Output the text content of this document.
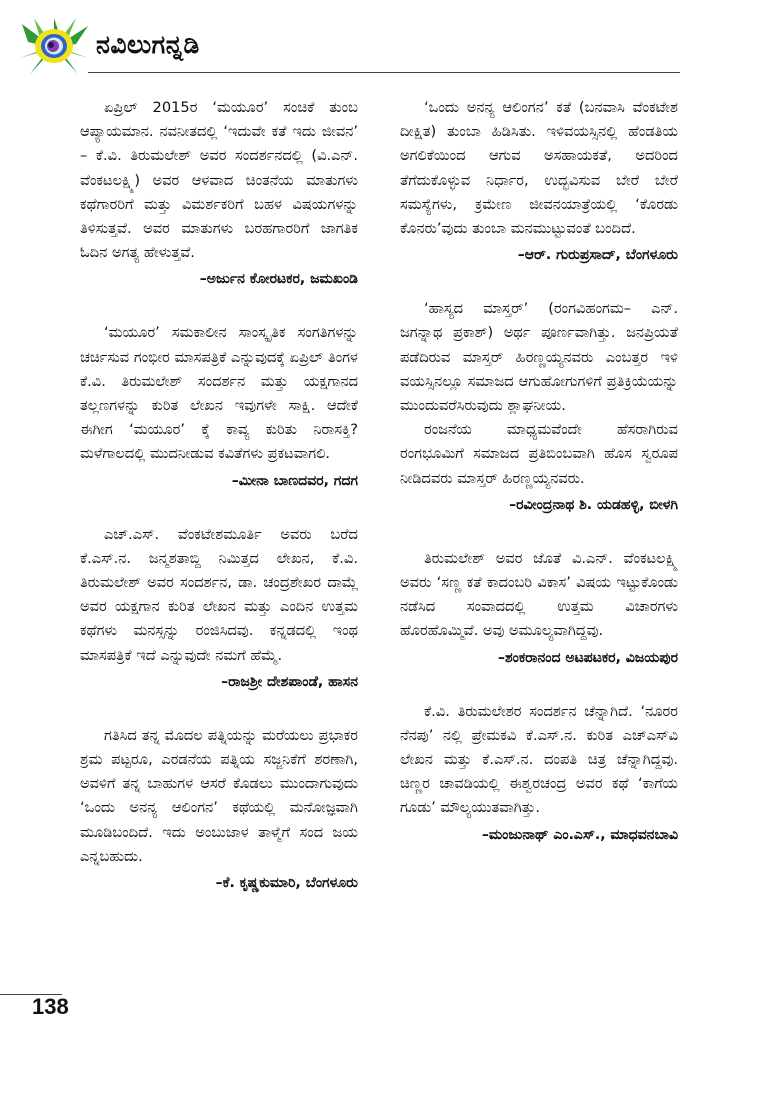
ನವಿಲುಗನ್ನಡಿ

ಏಪ್ರಿಲ್ 2015ರ ‘ಮಯೂರ’ ಸಂಚಿಕೆ ತುಂಬ ಆಪ್ಯಾಯಮಾನ. ನವನೀತದಲ್ಲಿ ‘ಇದುವೇ ಕತೆ ಇದು ಜೀವನ’ – ಕೆ.ವಿ. ತಿರುಮಲೇಶ್ ಅವರ ಸಂದರ್ಶನದಲ್ಲಿ (ವಿ.ಎನ್. ವೆಂಕಟಲಕ್ಷ್ಮಿ) ಅವರ ಆಳವಾದ ಚಿಂತನೆಯ ಮಾತುಗಳು ಕಥೆಗಾರರಿಗೆ ಮತ್ತು ವಿಮರ್ಶಕರಿಗೆ ಬಹಳ ವಿಷಯಗಳನ್ನು ತಿಳಿಸುತ್ತವೆ. ಅವರ ಮಾತುಗಳು ಬರಹಗಾರರಿಗೆ ಜಾಗತಿಕ ಓದಿನ ಅಗತ್ಯ ಹೇಳುತ್ತವೆ.

–ಅರ್ಜುನ ಕೋರಟಕರ, ಜಮಖಂಡಿ

‘ಮಯೂರ’ ಸಮಕಾಲೀನ ಸಾಂಸ್ಕೃತಿಕ ಸಂಗತಿಗಳನ್ನು ಚರ್ಚಿಸುವ ಗಂಭೀರ ಮಾಸಪತ್ರಿಕೆ ಎನ್ನುವುದಕ್ಕೆ ಏಪ್ರಿಲ್ ತಿಂಗಳ ಕೆ.ವಿ. ತಿರುಮಲೇಶ್ ಸಂದರ್ಶನ ಮತ್ತು ಯಕ್ಷಗಾನದ ತಲ್ಲಣಗಳನ್ನು ಕುರಿತ ಲೇಖನ ಇವುಗಳೇ ಸಾಕ್ಷಿ. ಆದೇಕೆ ಈಗೀಗ ‘ಮಯೂರ’ ಕ್ಕೆ ಕಾವ್ಯ ಕುರಿತು ನಿರಾಸಕ್ತಿ? ಮಳೆಗಾಲದಲ್ಲಿ ಮುದನೀಡುವ ಕವಿತೆಗಳು ಪ್ರಕಟವಾಗಲಿ.

–ಮೀನಾ ಬಾಣದವರ, ಗದಗ

ಎಚ್.ಎಸ್. ವೆಂಕಟೇಶಮೂರ್ತಿ ಅವರು ಬರೆದ ಕೆ.ಎಸ್.ನ. ಜನ್ಮಶತಾಬ್ದಿ ನಿಮಿತ್ತದ ಲೇಖನ, ಕೆ.ವಿ. ತಿರುಮಲೇಶ್ ಅವರ ಸಂದರ್ಶನ, ಡಾ. ಚಂದ್ರಶೇಖರ ದಾಮ್ಲೆ ಅವರ ಯಕ್ಷಗಾನ ಕುರಿತ ಲೇಖನ ಮತ್ತು ಎಂದಿನ ಉತ್ತಮ ಕಥೆಗಳು ಮನಸ್ಸನ್ನು ರಂಜಿಸಿದವು. ಕನ್ನಡದಲ್ಲಿ ಇಂಥ ಮಾಸಪತ್ರಿಕೆ ಇದೆ ಎನ್ನುವುದೇ ನಮಗೆ ಹೆಮ್ಮೆ.

–ರಾಜಶ್ರೀ ದೇಶಪಾಂಡೆ, ಹಾಸನ

ಗತಿಸಿದ ತನ್ನ ಮೊದಲ ಪತ್ನಿಯನ್ನು ಮರೆಯಲು ಪ್ರಭಾಕರ ಶ್ರಮ ಪಟ್ಟರೂ, ಎರಡನೆಯ ಪತ್ನಿಯ ಸಜ್ಜನಿಕೆಗೆ ಶರಣಾಗಿ, ಅವಳಿಗೆ ತನ್ನ ಬಾಹುಗಳ ಆಸರೆ ಕೊಡಲು ಮುಂದಾಗುವುದು ‘ಒಂದು ಅನನ್ಯ ಆಲಿಂಗನ’ ಕಥೆಯಲ್ಲಿ ಮನೋಜ್ಞವಾಗಿ ಮೂಡಿಬಂದಿದೆ. ಇದು ಅಂಬುಜಾಳ ತಾಳ್ಮೆಗೆ ಸಂದ ಜಯ ಎನ್ನಬಹುದು.

–ಕೆ. ಕೃಷ್ಣಕುಮಾರಿ, ಬೆಂಗಳೂರು

‘ಒಂದು ಅನನ್ಯ ಆಲಿಂಗನ’ ಕತೆ (ಬನವಾಸಿ ವೆಂಕಟೇಶ ದೀಕ್ಷಿತ) ತುಂಬಾ ಹಿಡಿಸಿತು. ಇಳಿವಯಸ್ಸಿನಲ್ಲಿ ಹೆಂಡತಿಯ ಅಗಲಿಕೆಯಿಂದ ಆಗುವ ಅಸಹಾಯಕತೆ, ಅದರಿಂದ ತೆಗೆದುಕೊಳ್ಳುವ ನಿರ್ಧಾರ, ಉದ್ಭವಿಸುವ ಬೇರೆ ಬೇರೆ ಸಮಸ್ಯೆಗಳು, ಕ್ರಮೇಣ ಜೀವನಯಾತ್ರೆಯಲ್ಲಿ ‘ಕೊರಡು ಕೊನರು’ವುದು ತುಂಬಾ ಮನಮುಟ್ಟುವಂತೆ ಬಂದಿದೆ.

–ಆರ್. ಗುರುಪ್ರಸಾದ್, ಬೆಂಗಳೂರು

‘ಹಾಸ್ಯದ ಮಾಸ್ತರ್’ (ರಂಗವಿಹಂಗಮ– ಎನ್. ಜಗನ್ನಾಥ ಪ್ರಕಾಶ್) ಅರ್ಥ ಪೂರ್ಣವಾಗಿತ್ತು. ಜನಪ್ರಿಯತೆ ಪಡೆದಿರುವ ಮಾಸ್ತರ್ ಹಿರಣ್ಣಯ್ಯನವರು ಎಂಬತ್ತರ ಇಳಿ ವಯಸ್ಸಿನಲ್ಲೂ ಸಮಾಜದ ಆಗುಹೋಗುಗಳಿಗೆ ಪ್ರತಿಕ್ರಿಯೆಯನ್ನು ಮುಂದುವರೆಸಿರುವುದು ಶ್ಲಾಘನೀಯ.

ರಂಜನೆಯ ಮಾಧ್ಯಮವೆಂದೇ ಹೆಸರಾಗಿರುವ ರಂಗಭೂಮಿಗೆ ಸಮಾಜದ ಪ್ರತಿಬಿಂಬವಾಗಿ ಹೊಸ ಸ್ವರೂಪ ನೀಡಿದವರು ಮಾಸ್ತರ್ ಹಿರಣ್ಣಯ್ಯನವರು.

–ರವೀಂದ್ರನಾಥ ಶಿ. ಯಡಹಳ್ಳಿ, ಬೀಳಗಿ

ತಿರುಮಲೇಶ್ ಅವರ ಜೊತೆ ವಿ.ಎನ್. ವೆಂಕಟಲಕ್ಷ್ಮಿ ಅವರು ‘ಸಣ್ಣ ಕತೆ ಕಾದಂಬರಿ ವಿಕಾಸ’ ವಿಷಯ ಇಟ್ಟುಕೊಂಡು ನಡೆಸಿದ ಸಂವಾದದಲ್ಲಿ ಉತ್ತಮ ವಿಚಾರಗಳು ಹೊರಹೊಮ್ಮಿವೆ. ಅವು ಅಮೂಲ್ಯವಾಗಿದ್ದವು.

–ಶಂಕರಾನಂದ ಅಟಪಟಕರ, ವಿಜಯಪುರ

ಕೆ.ವಿ. ತಿರುಮಲೇಶರ ಸಂದರ್ಶನ ಚೆನ್ನಾಗಿದೆ. ‘ನೂರರ ನೆನಪು’ ನಲ್ಲಿ ಪ್ರೇಮಕವಿ ಕೆ.ಎಸ್.ನ. ಕುರಿತ ಎಚ್‌ಎಸ್‌ವಿ ಲೇಖನ ಮತ್ತು ಕೆ.ಎಸ್.ನ. ದಂಪತಿ ಚಿತ್ರ ಚೆನ್ನಾಗಿದ್ದವು. ಚಿಣ್ಣರ ಚಾವಡಿಯಲ್ಲಿ ಈಶ್ವರಚಂದ್ರ ಅವರ ಕಥೆ ‘ಕಾಗೆಯ ಗೂಡು’ ಮೌಲ್ಯಯುತವಾಗಿತ್ತು.

–ಮಂಜುನಾಥ್ ಎಂ.ಎಸ್., ಮಾಧವನಬಾವಿ
138
